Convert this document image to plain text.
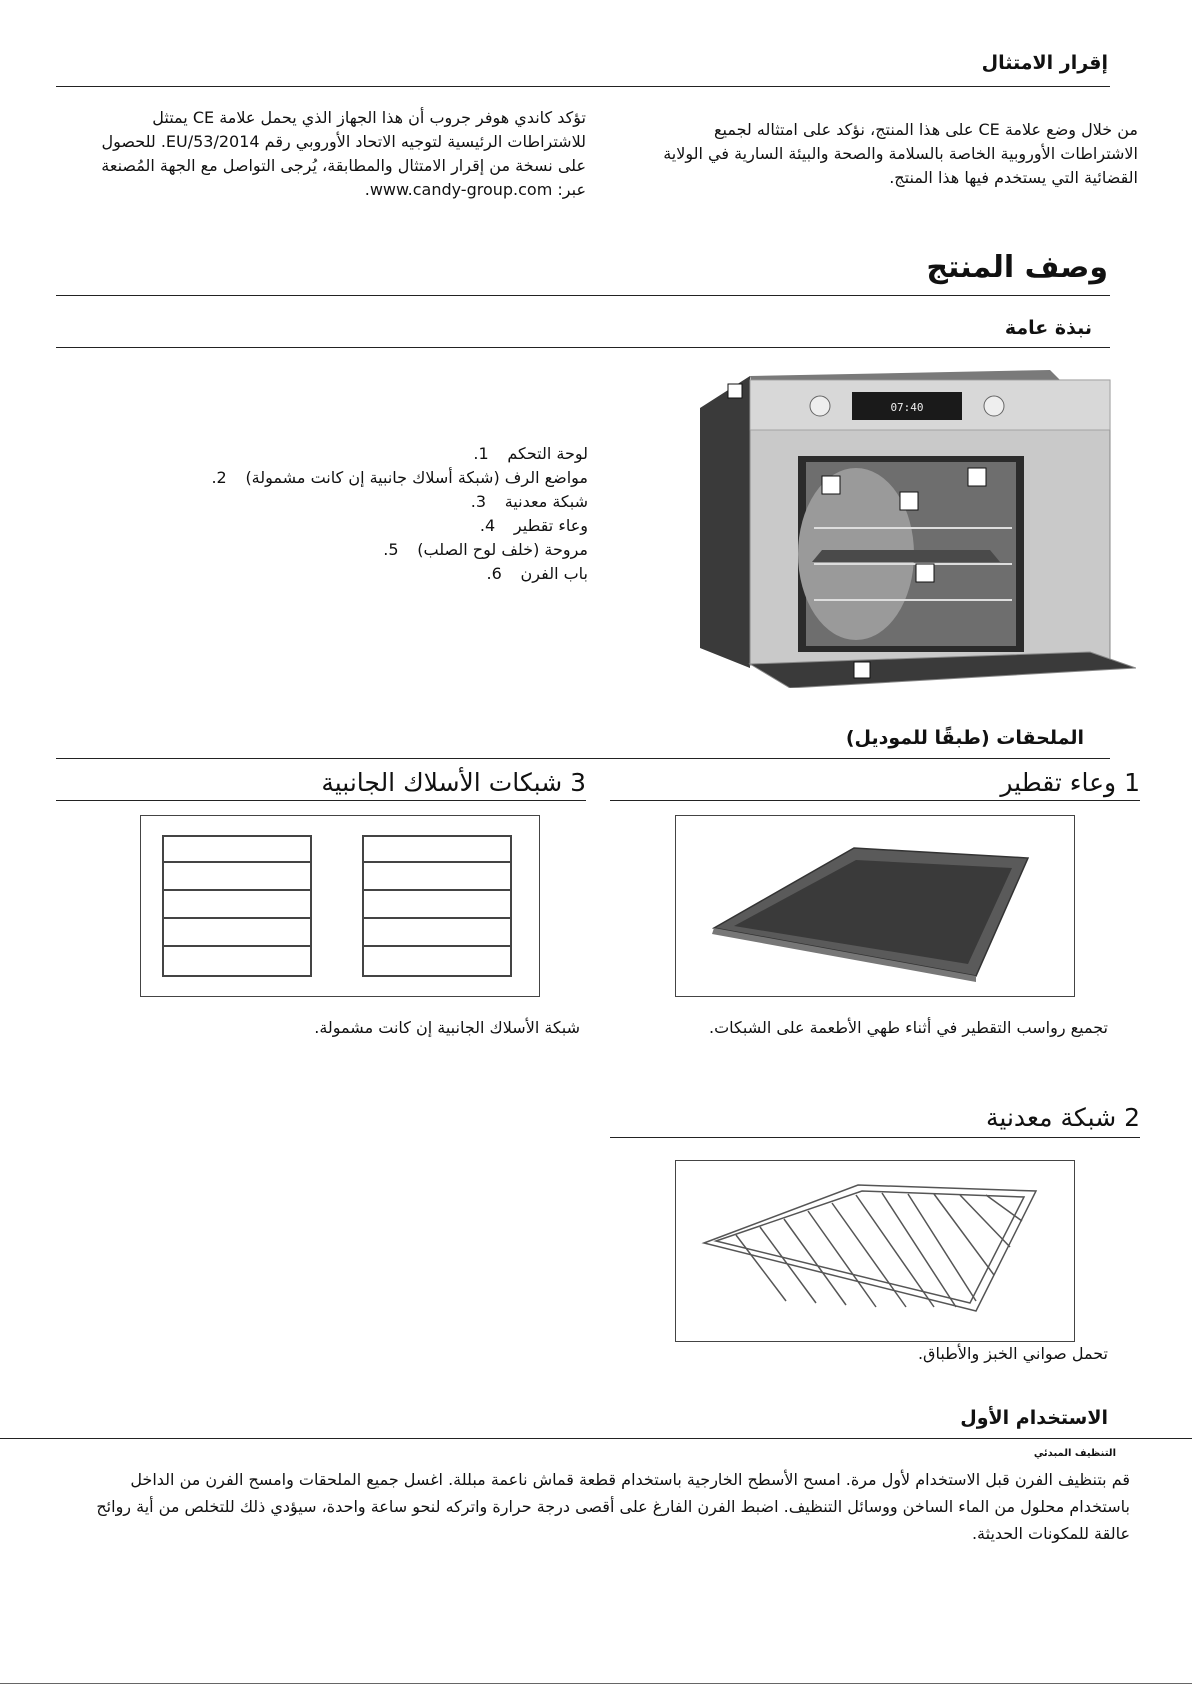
إقرار الامتثال
من خلال وضع علامة CE على هذا المنتج، نؤكد على امتثاله لجميع الاشتراطات الأوروبية الخاصة بالسلامة والصحة والبيئة السارية في الولاية القضائية التي يستخدم فيها هذا المنتج.
تؤكد كاندي هوفر جروب أن هذا الجهاز الذي يحمل علامة CE يمتثل للاشتراطات الرئيسية لتوجيه الاتحاد الأوروبي رقم EU/53/2014. للحصول على نسخة من إقرار الامتثال والمطابقة، يُرجى التواصل مع الجهة المُصنعة عبر: www.candy-group.com.
وصف المنتج
نبذة عامة
07:40
لوحة التحكم1.
مواضع الرف (شبكة أسلاك جانبية إن كانت مشمولة)2.
شبكة معدنية3.
وعاء تقطير4.
مروحة (خلف لوح الصلب)5.
باب الفرن6.
الملحقات (طبقًا للموديل)
1 وعاء تقطير
تجميع رواسب التقطير في أثناء طهي الأطعمة على الشبكات.
3 شبكات الأسلاك الجانبية
شبكة الأسلاك الجانبية إن كانت مشمولة.
2 شبكة معدنية
تحمل صواني الخبز والأطباق.
الاستخدام الأول
التنظيف المبدئي
قم بتنظيف الفرن قبل الاستخدام لأول مرة. امسح الأسطح الخارجية باستخدام قطعة قماش ناعمة مبللة. اغسل جميع الملحقات وامسح الفرن من الداخل باستخدام محلول من الماء الساخن ووسائل التنظيف. اضبط الفرن الفارغ على أقصى درجة حرارة واتركه لنحو ساعة واحدة، سيؤدي ذلك للتخلص من أية روائح عالقة للمكونات الحديثة.
